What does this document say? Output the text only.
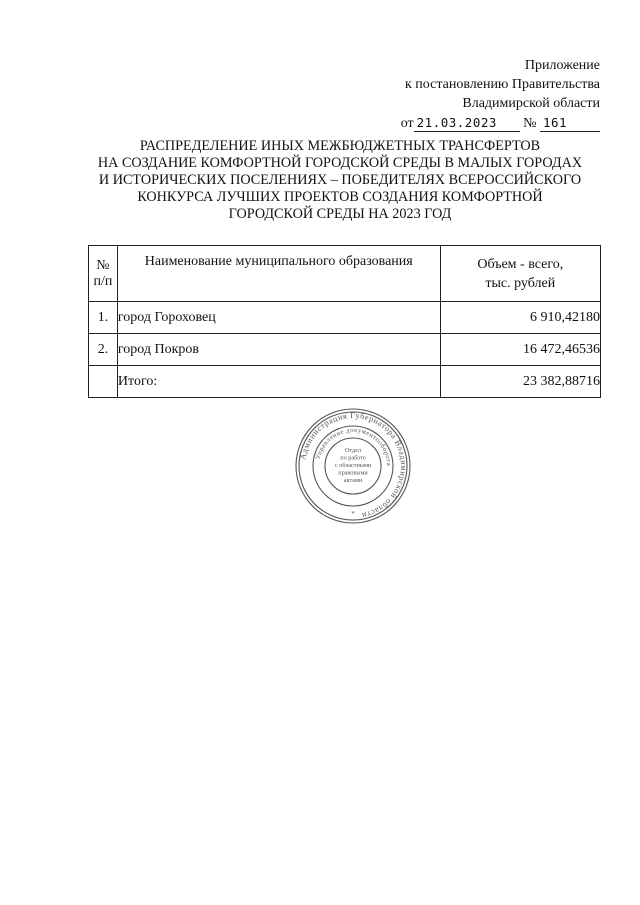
Приложение
к постановлению Правительства
Владимирской области
от 21.03.2023 № 161
РАСПРЕДЕЛЕНИЕ ИНЫХ МЕЖБЮДЖЕТНЫХ ТРАНСФЕРТОВ
НА СОЗДАНИЕ КОМФОРТНОЙ ГОРОДСКОЙ СРЕДЫ В МАЛЫХ ГОРОДАХ
И ИСТОРИЧЕСКИХ ПОСЕЛЕНИЯХ – ПОБЕДИТЕЛЯХ ВСЕРОССИЙСКОГО
КОНКУРСА ЛУЧШИХ ПРОЕКТОВ СОЗДАНИЯ КОМФОРТНОЙ
ГОРОДСКОЙ СРЕДЫ НА 2023 ГОД
№
п/п	Наименование муниципального образования	Объем - всего,
тыс. рублей

1.	город Гороховец	6 910,42180
2.	город Покров	16 472,46536
	Итого:	23 382,88716
Администрация Губернатора Владимирской области
Управление документооборота
Отдел
по работе
с областными
правовыми
актами
*
